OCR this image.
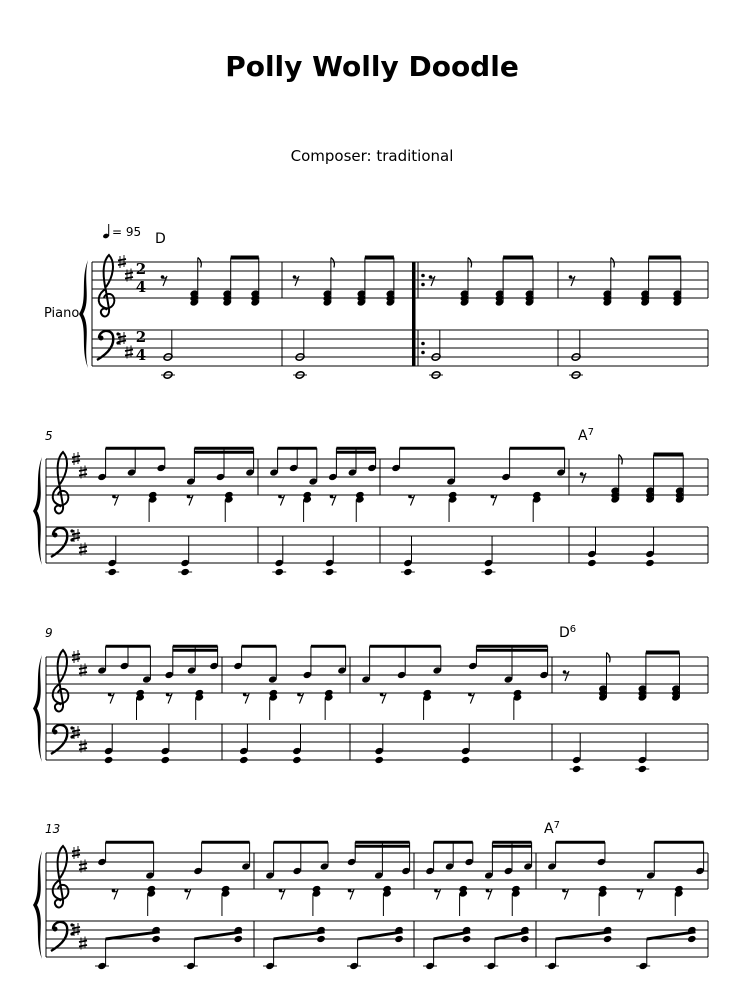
Polly Wolly Doodle
Composer: traditional
2
4
2
4
= 95
Piano
5
9
13
D
$A^7$
$D^6$
$A^7$
